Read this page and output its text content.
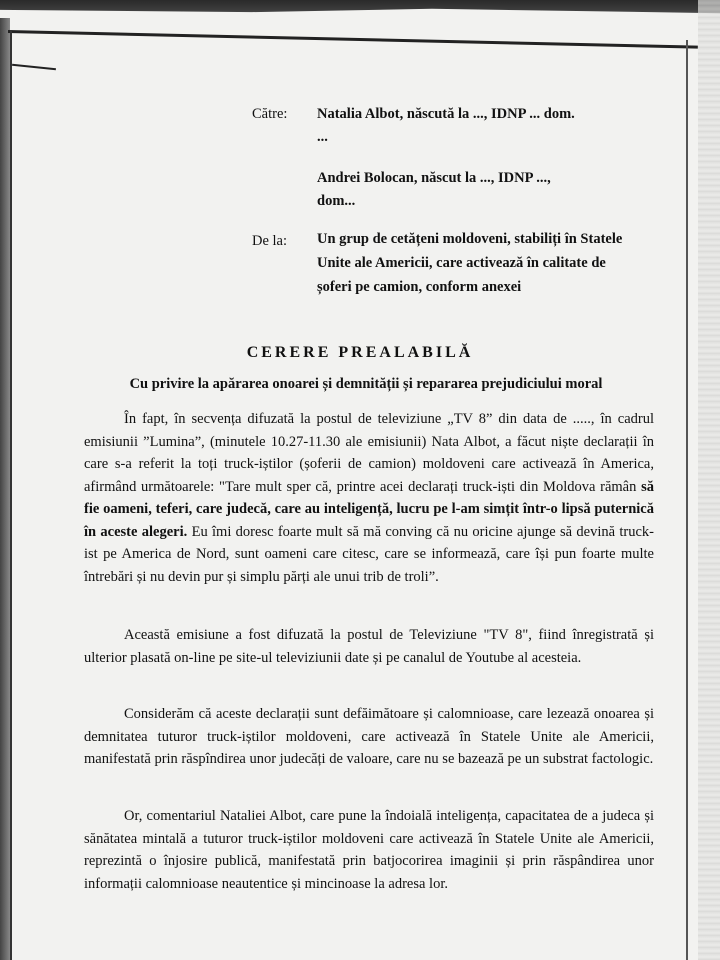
Către:	Natalia Albot, născută la ..., IDNP ... dom.
...
Andrei Bolocan, născut la ..., IDNP ...,
dom...
De la:	Un grup de cetățeni moldoveni, stabiliți în Statele Unite ale Americii, care activează în calitate de șoferi pe camion, conform anexei
CERERE PREALABILĂ
Cu privire la apărarea onoarei și demnității și repararea prejudiciului moral

În fapt, în secvența difuzată la postul de televiziune „TV 8” din data de ....., în cadrul emisiunii ”Lumina”, (minutele 10.27-11.30 ale emisiunii) Nata Albot, a făcut niște declarații în care s-a referit la toți truck-iștilor (șoferii de camion) moldoveni care activează în America, afirmând următoarele: "Tare mult sper că, printre acei declarați truck-iști din Moldova rămân să fie oameni, teferi, care judecă, care au inteligență, lucru pe l-am simțit într-o lipsă puternică în aceste alegeri. Eu îmi doresc foarte mult să mă conving că nu oricine ajunge să devină truck-ist pe America de Nord, sunt oameni care citesc, care se informează, care își pun foarte multe întrebări și nu devin pur și simplu părți ale unui trib de troli”.

Această emisiune a fost difuzată la postul de Televiziune "TV 8", fiind înregistrată și ulterior plasată on-line pe site-ul televiziunii date și pe canalul de Youtube al acesteia.

Considerăm că aceste declarații sunt defăimătoare și calomnioase, care lezează onoarea și demnitatea tuturor truck-iștilor moldoveni, care activează în Statele Unite ale Americii, manifestată prin răspîndirea unor judecăți de valoare, care nu se bazează pe un substrat factologic.

Or, comentariul Nataliei Albot, care pune la îndoială inteligența, capacitatea de a judeca și sănătatea mintală a tuturor truck-iștilor moldoveni care activează în Statele Unite ale Americii, reprezintă o înjosire publică, manifestată prin batjocorirea imaginii și prin răspândirea unor informații calomnioase neautentice și mincinoase la adresa lor.
